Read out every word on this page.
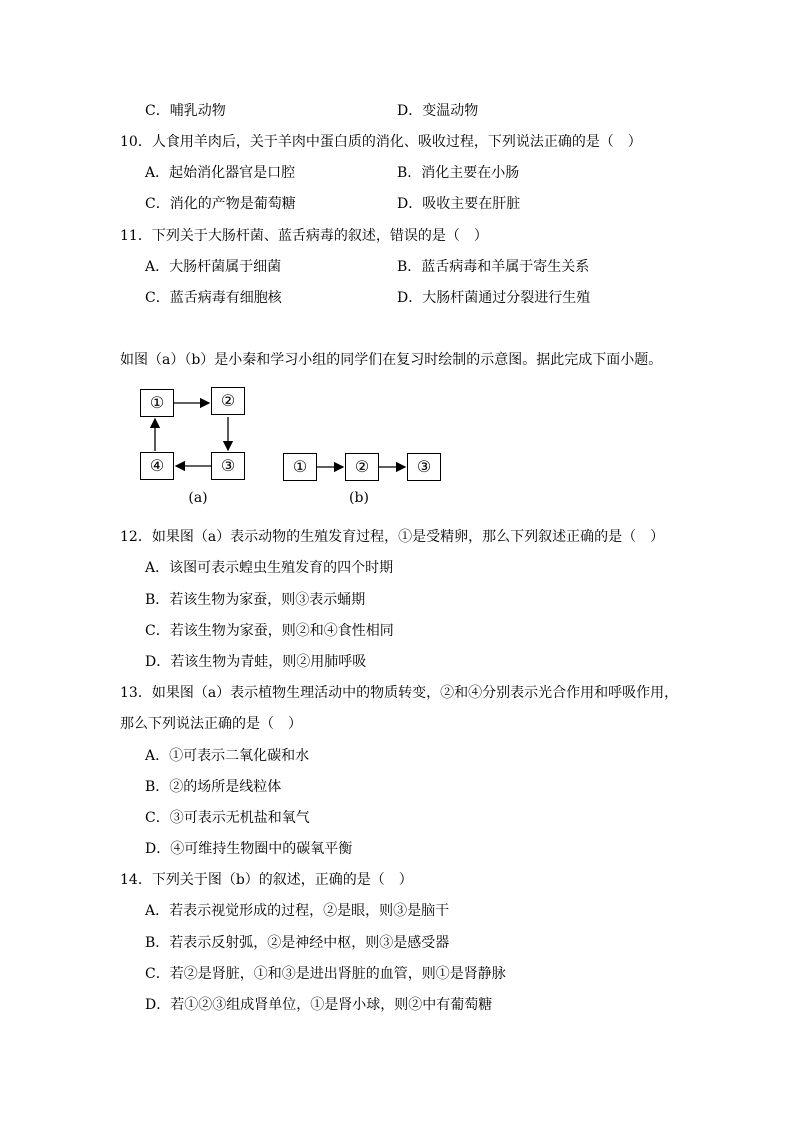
C．哺乳动物	D．变温动物
10．人食用羊肉后，关于羊肉中蛋白质的消化、吸收过程，下列说法正确的是（　）
A．起始消化器官是口腔	B．消化主要在小肠
C．消化的产物是葡萄糖	D．吸收主要在肝脏
11．下列关于大肠杆菌、蓝舌病毒的叙述，错误的是（　）
A．大肠杆菌属于细菌	B．蓝舌病毒和羊属于寄生关系
C．蓝舌病毒有细胞核	D．大肠杆菌通过分裂进行生殖
如图（a）（b）是小秦和学习小组的同学们在复习时绘制的示意图。据此完成下面小题。
①	②
③
④
(a)
①	②	③
(b)
12．如果图（a）表示动物的生殖发育过程，①是受精卵，那么下列叙述正确的是（　）
A．该图可表示蝗虫生殖发育的四个时期
B．若该生物为家蚕，则③表示蛹期
C．若该生物为家蚕，则②和④食性相同
D．若该生物为青蛙，则②用肺呼吸
13．如果图（a）表示植物生理活动中的物质转变，②和④分别表示光合作用和呼吸作用，
那么下列说法正确的是（　）
A．①可表示二氧化碳和水
B．②的场所是线粒体
C．③可表示无机盐和氧气
D．④可维持生物圈中的碳氧平衡
14．下列关于图（b）的叙述，正确的是（　）
A．若表示视觉形成的过程，②是眼，则③是脑干
B．若表示反射弧，②是神经中枢，则③是感受器
C．若②是肾脏，①和③是进出肾脏的血管，则①是肾静脉
D．若①②③组成肾单位，①是肾小球，则②中有葡萄糖
